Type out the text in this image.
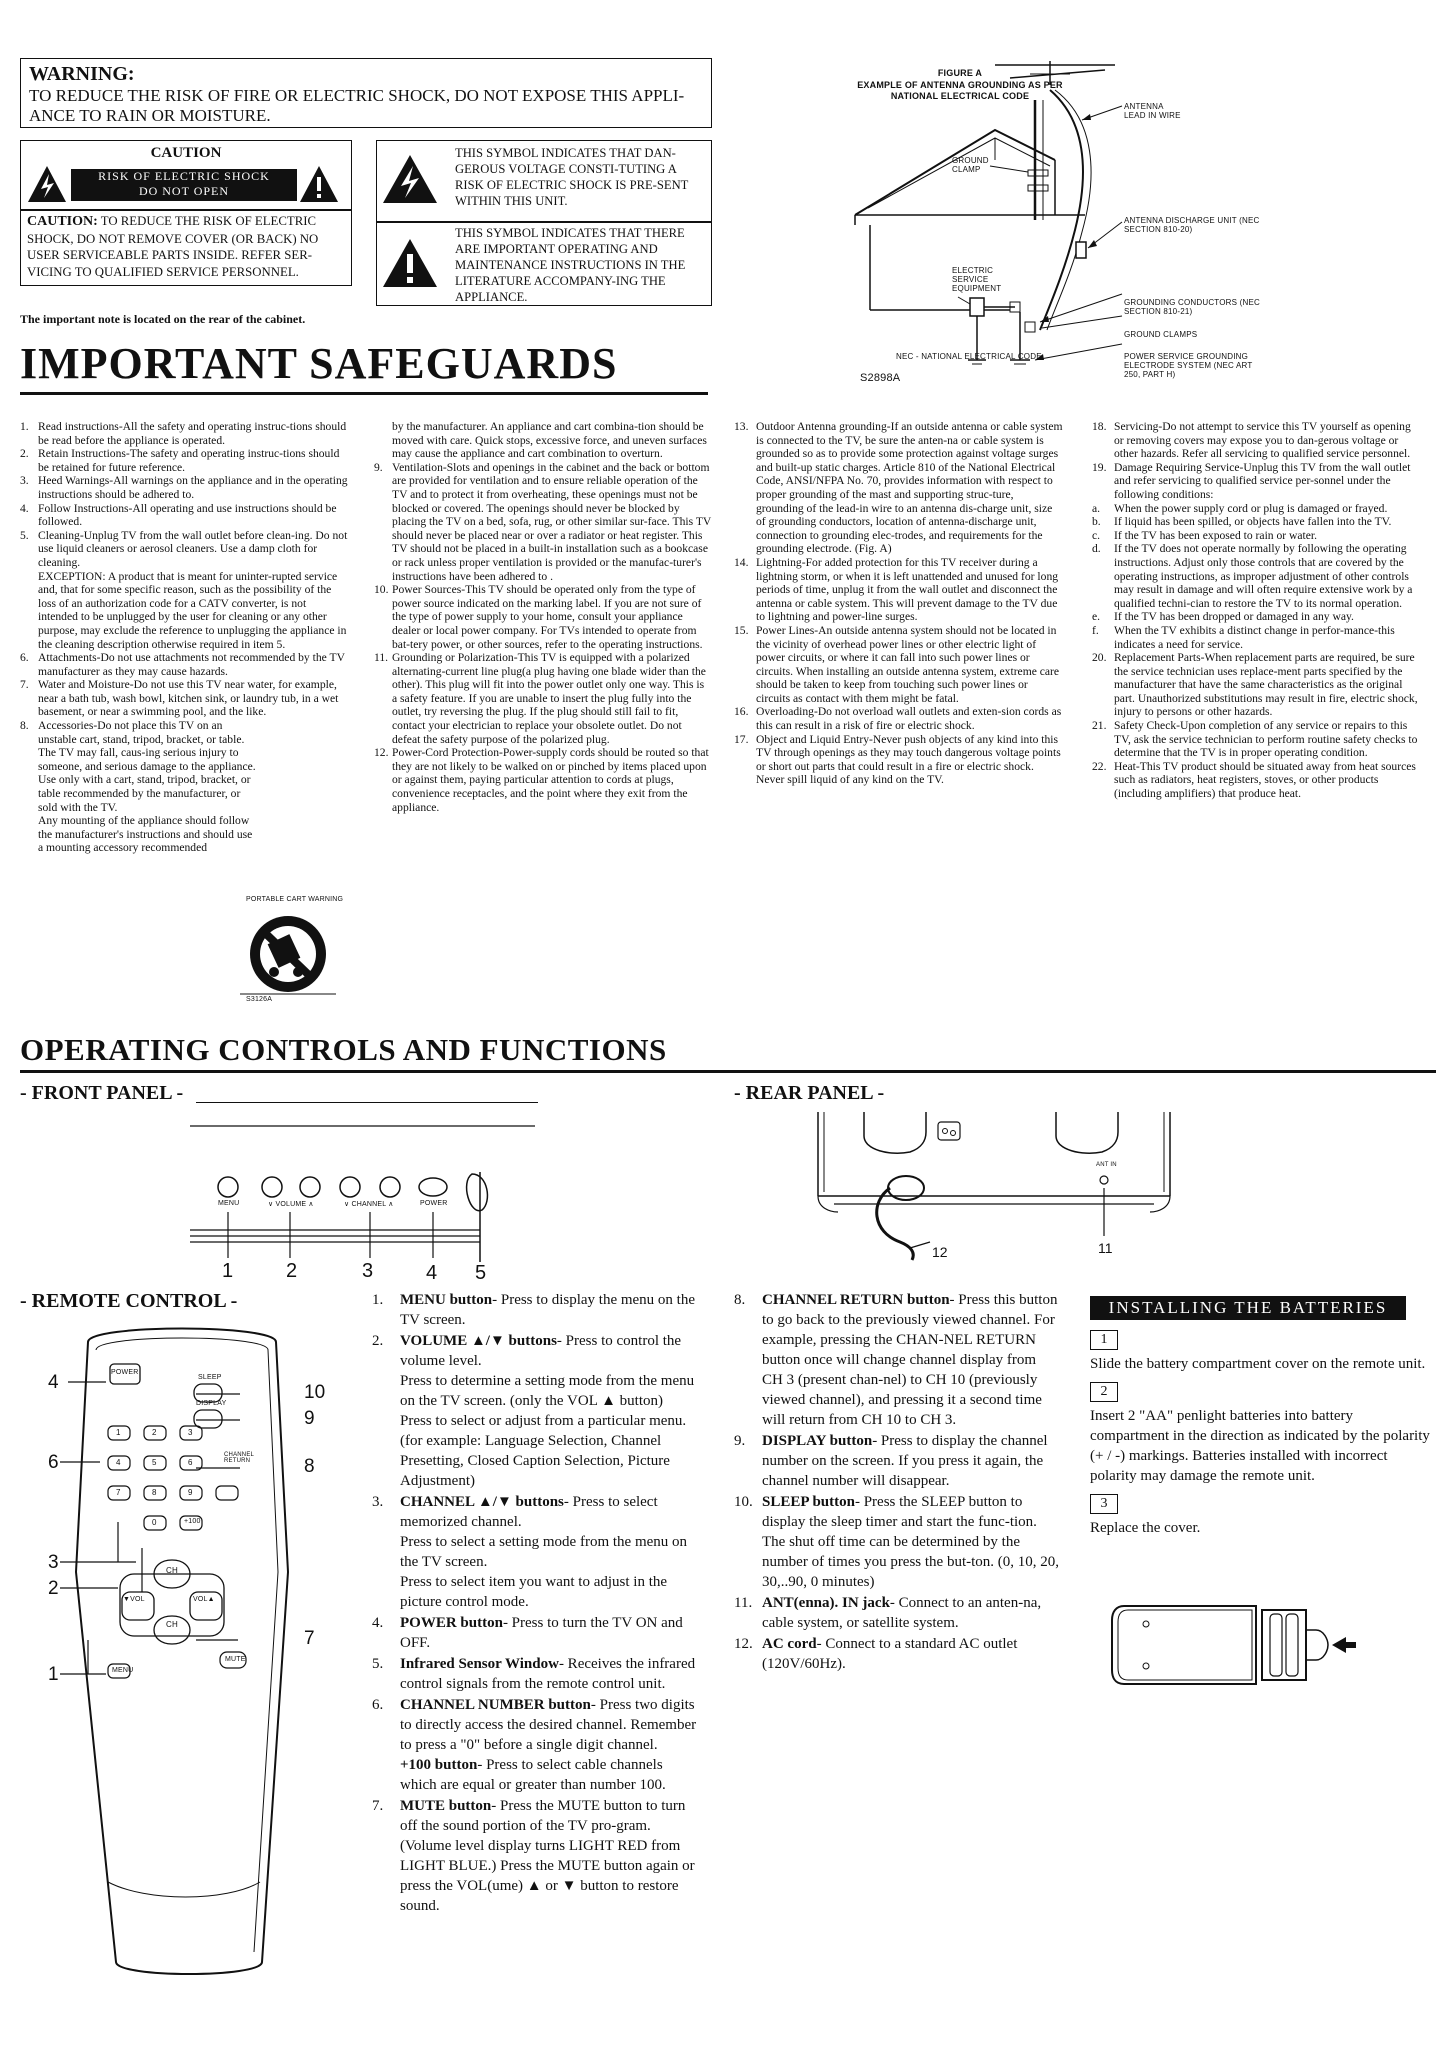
WARNING:
TO REDUCE THE RISK OF FIRE OR ELECTRIC SHOCK, DO NOT EXPOSE THIS APPLI-ANCE TO RAIN OR MOISTURE.
CAUTION
RISK OF ELECTRIC SHOCK
DO NOT OPEN
CAUTION: TO REDUCE THE RISK OF ELECTRIC SHOCK, DO NOT REMOVE COVER (OR BACK) NO USER SERVICEABLE PARTS INSIDE. REFER SER-VICING TO QUALIFIED SERVICE PERSONNEL.
THIS SYMBOL INDICATES THAT DAN-GEROUS VOLTAGE CONSTI-TUTING A RISK OF ELECTRIC SHOCK IS PRE-SENT WITHIN THIS UNIT.
THIS SYMBOL INDICATES THAT THERE ARE IMPORTANT OPERATING AND MAINTENANCE INSTRUCTIONS IN THE LITERATURE ACCOMPANY-ING THE APPLIANCE.
The important note is located on the rear of the cabinet.
FIGURE A
EXAMPLE OF ANTENNA GROUNDING AS PER
NATIONAL ELECTRICAL CODE
ANTENNA LEAD IN WIRE
GROUND CLAMP
ANTENNA DISCHARGE UNIT (NEC SECTION 810-20)
ELECTRIC SERVICE EQUIPMENT
GROUNDING CONDUCTORS (NEC SECTION 810-21)
GROUND CLAMPS
POWER SERVICE GROUNDING ELECTRODE SYSTEM (NEC ART 250, PART H)
NEC - NATIONAL ELECTRICAL CODE
S2898A
IMPORTANT SAFEGUARDS
1. Read instructions-All the safety and operating instruc-tions should be read before the appliance is operated.
2. Retain Instructions-The safety and operating instruc-tions should be retained for future reference.
3. Heed Warnings-All warnings on the appliance and in the operating instructions should be adhered to.
4. Follow Instructions-All operating and use instructions should be followed.
5. Cleaning-Unplug TV from the wall outlet before clean-ing. Do not use liquid cleaners or aerosol cleaners. Use a damp cloth for cleaning.
EXCEPTION: A product that is meant for uninter-rupted service and, that for some specific reason, such as the possibility of the loss of an authorization code for a CATV converter, is not intended to be unplugged by the user for cleaning or any other purpose, may exclude the reference to unplugging the appliance in the cleaning description otherwise required in item 5.
6. Attachments-Do not use attachments not recommended by the TV manufacturer as they may cause hazards.
7. Water and Moisture-Do not use this TV near water, for example, near a bath tub, wash bowl, kitchen sink, or laundry tub, in a wet basement, or near a swimming pool, and the like.
8. Accessories-Do not place this TV on an unstable cart, stand, tripod, bracket, or table. The TV may fall, caus-ing serious injury to someone, and serious damage to the appliance. Use only with a cart, stand, tripod, bracket, or table recommended by the manufacturer, or sold with the TV.
Any mounting of the appliance should follow the manufacturer's instructions and should use a mounting accessory recommended
by the manufacturer. An appliance and cart combina-tion should be moved with care. Quick stops, excessive force, and uneven surfaces may cause the appliance and cart combination to overturn.
9. Ventilation-Slots and openings in the cabinet and the back or bottom are provided for ventilation and to ensure reliable operation of the TV and to protect it from overheating, these openings must not be blocked or covered. The openings should never be blocked by placing the TV on a bed, sofa, rug, or other similar sur-face. This TV should never be placed near or over a radiator or heat register. This TV should not be placed in a built-in installation such as a bookcase or rack unless proper ventilation is provided or the manufac-turer's instructions have been adhered to .
10. Power Sources-This TV should be operated only from the type of power source indicated on the marking label. If you are not sure of the type of power supply to your home, consult your appliance dealer or local power company. For TVs intended to operate from bat-tery power, or other sources, refer to the operating instructions.
11. Grounding or Polarization-This TV is equipped with a polarized alternating-current line plug(a plug having one blade wider than the other). This plug will fit into the power outlet only one way. This is a safety feature. If you are unable to insert the plug fully into the outlet, try reversing the plug. If the plug should still fail to fit, contact your electrician to replace your obsolete outlet. Do not defeat the safety purpose of the polarized plug.
12. Power-Cord Protection-Power-supply cords should be routed so that they are not likely to be walked on or pinched by items placed upon or against them, paying particular attention to cords at plugs, convenience receptacles, and the point where they exit from the appliance.
13. Outdoor Antenna grounding-If an outside antenna or cable system is connected to the TV, be sure the anten-na or cable system is grounded so as to provide some protection against voltage surges and built-up static charges. Article 810 of the National Electrical Code, ANSI/NFPA No. 70, provides information with respect to proper grounding of the mast and supporting struc-ture, grounding of the lead-in wire to an antenna dis-charge unit, size of grounding conductors, location of antenna-discharge unit, connection to grounding elec-trodes, and requirements for the grounding electrode. (Fig. A)
14. Lightning-For added protection for this TV receiver during a lightning storm, or when it is left unattended and unused for long periods of time, unplug it from the wall outlet and disconnect the antenna or cable system. This will prevent damage to the TV due to lightning and power-line surges.
15. Power Lines-An outside antenna system should not be located in the vicinity of overhead power lines or other electric light of power circuits, or where it can fall into such power lines or circuits. When installing an outside antenna system, extreme care should be taken to keep from touching such power lines or circuits as contact with them might be fatal.
16. Overloading-Do not overload wall outlets and exten-sion cords as this can result in a risk of fire or electric shock.
17. Object and Liquid Entry-Never push objects of any kind into this TV through openings as they may touch dangerous voltage points or short out parts that could result in a fire or electric shock. Never spill liquid of any kind on the TV.
18. Servicing-Do not attempt to service this TV yourself as opening or removing covers may expose you to dan-gerous voltage or other hazards. Refer all servicing to qualified service personnel.
19. Damage Requiring Service-Unplug this TV from the wall outlet and refer servicing to qualified service per-sonnel under the following conditions:
a.	When the power supply cord or plug is damaged or frayed.
b.	If liquid has been spilled, or objects have fallen into the TV.
c.	If the TV has been exposed to rain or water.
d.	If the TV does not operate normally by following the operating instructions. Adjust only those controls that are covered by the operating instructions, as improper adjustment of other controls may result in damage and will often require extensive work by a qualified techni-cian to restore the TV to its normal operation.
e.	If the TV has been dropped or damaged in any way.
f.	When the TV exhibits a distinct change in perfor-mance-this indicates a need for service.
20. Replacement Parts-When replacement parts are required, be sure the service technician uses replace-ment parts specified by the manufacturer that have the same characteristics as the original part. Unauthorized substitutions may result in fire, electric shock, injury to persons or other hazards.
21. Safety Check-Upon completion of any service or repairs to this TV, ask the service technician to perform routine safety checks to determine that the TV is in proper operating condition.
22. Heat-This TV product should be situated away from heat sources such as radiators, heat registers, stoves, or other products (including amplifiers) that produce heat.
PORTABLE CART WARNING
S3126A
OPERATING CONTROLS AND FUNCTIONS
- FRONT PANEL -	- REAR PANEL -
MENU	∨ VOLUME ∧	∨ CHANNEL ∧	POWER
1	2	3	4 5
ANT IN
12	11
- REMOTE CONTROL -
POWER
SLEEP
DISPLAY
1	2	3
4	5	6
7	8	9
0	+100
CHANNEL RETURN
CH
CH
▼VOL	VOL▲
MUTE
MENU
4
6
3
2
1
10
9
8
7
1.	MENU button- Press to display the menu on the TV screen.
2.	VOLUME ▲/▼ buttons- Press to control the volume level.
Press to determine a setting mode from the menu on the TV screen. (only the VOL ▲ button)
Press to select or adjust from a particular menu. (for example: Language Selection, Channel Presetting, Closed Caption Selection, Picture Adjustment)
3.	CHANNEL ▲/▼ buttons- Press to select memorized channel.
Press to select a setting mode from the menu on the TV screen.
Press to select item you want to adjust in the picture control mode.
4.	POWER button- Press to turn the TV ON and OFF.
5.	Infrared Sensor Window- Receives the infrared control signals from the remote control unit.
6.	CHANNEL NUMBER button- Press two digits to directly access the desired channel. Remember to press a "0" before a single digit channel.
+100 button- Press to select cable channels which are equal or greater than number 100.
7.	MUTE button- Press the MUTE button to turn off the sound portion of the TV pro-gram. (Volume level display turns LIGHT RED from LIGHT BLUE.) Press the MUTE button again or press the VOL(ume) ▲ or ▼ button to restore sound.
8.	CHANNEL RETURN button- Press this button to go back to the previously viewed channel. For example, pressing the CHAN-NEL RETURN button once will change channel display from CH 3 (present chan-nel) to CH 10 (previously viewed channel), and pressing it a second time will return from CH 10 to CH 3.
9.	DISPLAY button- Press to display the channel number on the screen. If you press it again, the channel number will disappear.
10. SLEEP button- Press the SLEEP button to display the sleep timer and start the func-tion. The shut off time can be determined by the number of times you press the but-ton. (0, 10, 20, 30,..90, 0 minutes)
11. ANT(enna). IN jack- Connect to an anten-na, cable system, or satellite system.
12. AC cord- Connect to a standard AC outlet (120V/60Hz).
INSTALLING THE BATTERIES
1
Slide the battery compartment cover on the remote unit.
2
Insert 2 "AA" penlight batteries into battery compartment in the direction as indicated by the polarity (+ / -) markings. Batteries installed with incorrect polarity may damage the remote unit.
3
Replace the cover.
